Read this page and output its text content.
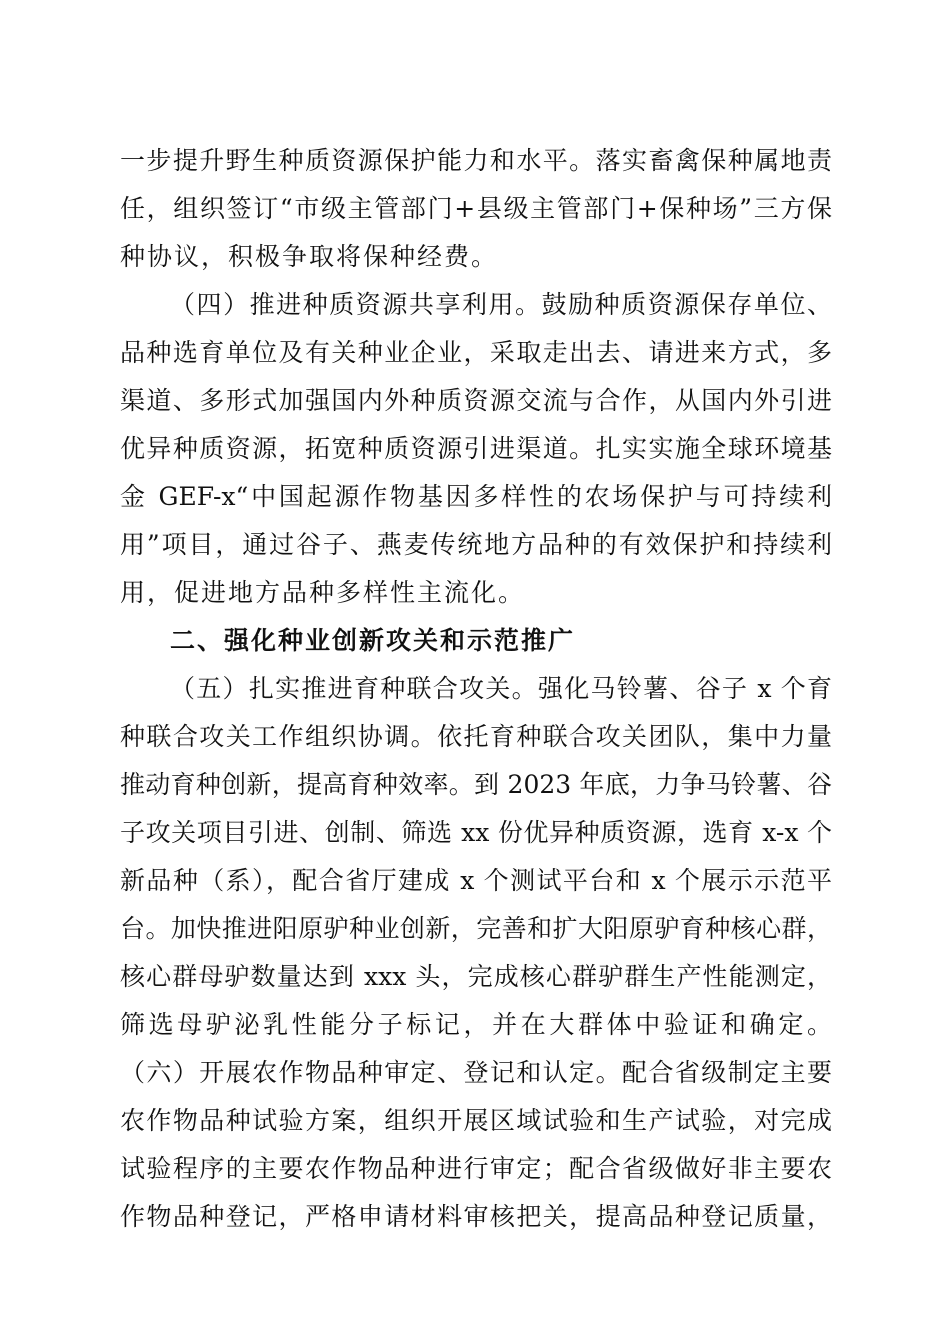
一步提升野生种质资源保护能力和水平。落实畜禽保种属地责
任，组织签订“市级主管部门+县级主管部门+保种场”三方保
种协议，积极争取将保种经费。
（四）推进种质资源共享利用。鼓励种质资源保存单位、
品种选育单位及有关种业企业，采取走出去、请进来方式，多
渠道、多形式加强国内外种质资源交流与合作，从国内外引进
优异种质资源，拓宽种质资源引进渠道。扎实实施全球环境基
金 GEF-x“中国起源作物基因多样性的农场保护与可持续利
用”项目，通过谷子、燕麦传统地方品种的有效保护和持续利
用，促进地方品种多样性主流化。
二、强化种业创新攻关和示范推广
（五）扎实推进育种联合攻关。强化马铃薯、谷子 x 个育
种联合攻关工作组织协调。依托育种联合攻关团队，集中力量
推动育种创新，提高育种效率。到 2023 年底，力争马铃薯、谷
子攻关项目引进、创制、筛选 xx 份优异种质资源，选育 x-x 个
新品种（系），配合省厅建成 x 个测试平台和 x 个展示示范平
台。加快推进阳原驴种业创新，完善和扩大阳原驴育种核心群，
核心群母驴数量达到 xxx 头，完成核心群驴群生产性能测定，
筛选母驴泌乳性能分子标记，并在大群体中验证和确定。
（六）开展农作物品种审定、登记和认定。配合省级制定主要
农作物品种试验方案，组织开展区域试验和生产试验，对完成
试验程序的主要农作物品种进行审定；配合省级做好非主要农
作物品种登记，严格申请材料审核把关，提高品种登记质量，
